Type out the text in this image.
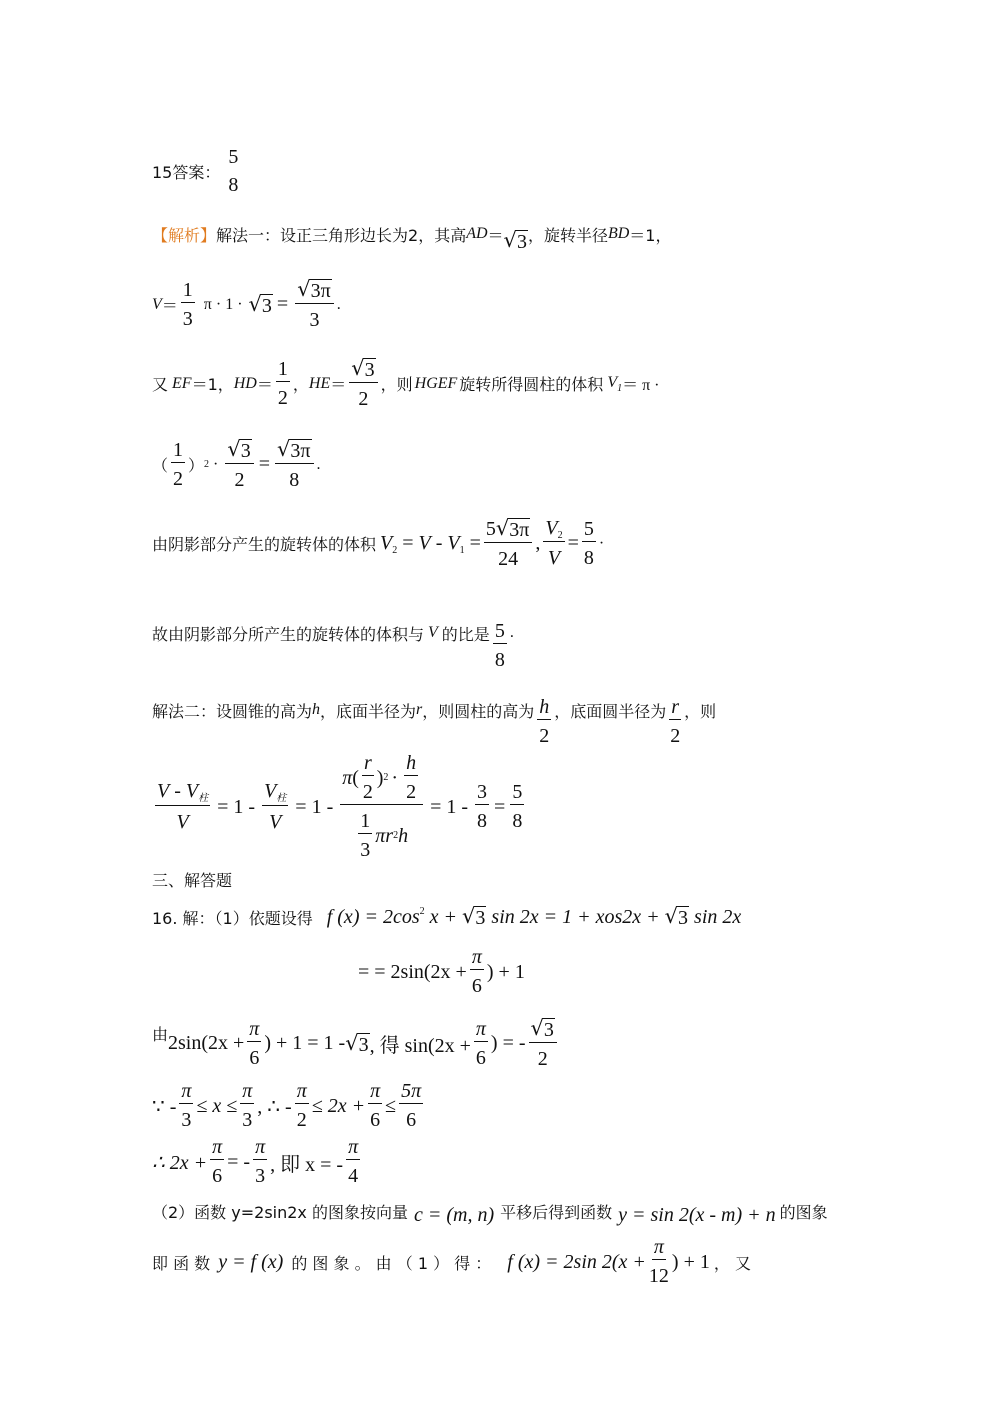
15答案：
5
8
【解析】 解法一：设正三角形边长为2，其高 AD ＝ √ 3 ，旋转半径 BD ＝1，
$V = \frac{1}{3}$ π · 1 · √ $3 = \frac{√ 3\pi}{3}$ .
又 EF ＝1， HD ＝ $\frac{1}{2}$ ， HE ＝ $\frac{√ 3}{2}$ ，则 HGEF 旋转所得圆柱的体积 $V_1 = \pi$ ·
（ $\frac{1}{2}$ ） $2 \cdot \frac{√ 3}{2} = \frac{√ 3\pi}{8}$ .
由阴影部分产生的旋转体的体积 $V_2 = V - V_1 = \frac{5 √ 3\pi}{24}$ , $\frac{V_2}{V} = \frac{5}{8}$ ·
故由阴影部分所产生的旋转体的体积与 V 的比是 $\frac{5}{8}$ .
解法二：设圆锥的高为 h ，底面半径为 r ，则圆柱的高为 $\frac{h}{2}$ ，底面圆半径为 $\frac{r}{2}$ ，则
$\frac{V - V_柱}{V} = 1 - \frac{V_柱}{V} = 1 - \frac{\pi ( \frac{r}{2} ) 2 \cdot \frac{h}{2}}{\frac{1}{3} \pi r 2 h} = 1 - \frac{3}{8} = \frac{5}{8}$
三、解答题
16. 解：（1）依题设得 f $(x) = 2\cos^2$ x + √ 3 sin 2x = 1 + xos2x + √ 3 sin 2x
= = $2\sin(2x + \frac{\pi}{6}$ ) + 1
由 $2\sin(2x + \frac{\pi}{6}$ ) + 1 = 1 - √ 3 , 得 $\sin(2x + \frac{\pi}{6}$ ) = - $\frac{√ 3}{2}$
∵ - $\frac{\pi}{3} \le x \le \frac{\pi}{3}$ , ∴ - $\frac{\pi}{2} \le 2x + \frac{\pi}{6} \le \frac{5\pi}{6}$
∴ $2x + \frac{\pi}{6}$ = - $\frac{\pi}{3}$ , 即 x = - $\frac{\pi}{4}$
（2）函数 y=2sin2x 的图象按向量 c = (m, n) 平移后得到函数 y = sin 2(x - m) + n 的图象
即 函 数 y = f (x) 的 图 象 。 由 （ 1 ） 得 ： f (x) = 2sin $2(x + \frac{\pi}{12}$ ) + 1 ， 又
